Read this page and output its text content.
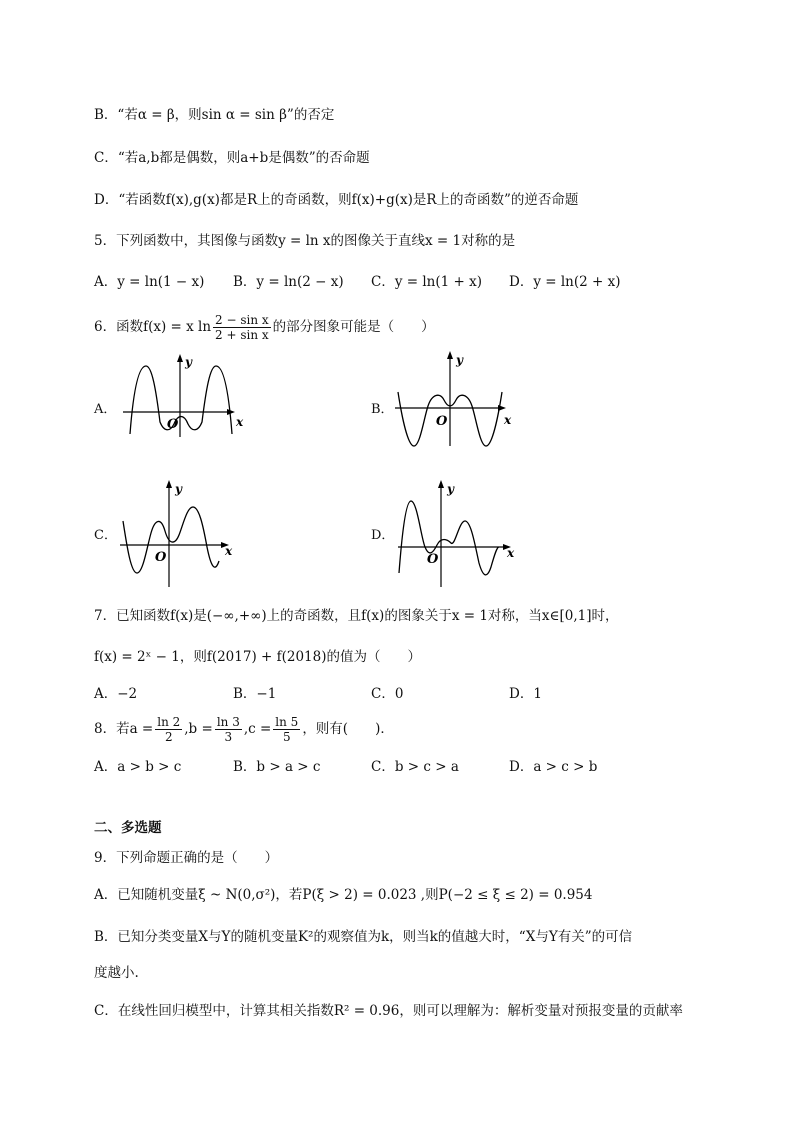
B．“若α = β，则sin α = sin β”的否定
C．“若a,b都是偶数，则a+b是偶数”的否命题
D．“若函数f(x),g(x)都是R上的奇函数，则f(x)+g(x)是R上的奇函数”的逆否命题
5．下列函数中，其图像与函数y = ln x的图像关于直线x = 1对称的是
A．y = ln(1 − x) B．y = ln(2 − x) C．y = ln(1 + x) D．y = ln(2 + x)
6．函数f(x) = x $\ln \frac{\text{2 − sin x}}{\text{2 + sin x}}$ 的部分图象可能是（　　）
A．
O	x
y
B．
O	x
y
C．
O	x
y
D．
O	x
y
7．已知函数f(x)是(−∞,+∞)上的奇函数，且f(x)的图象关于x = 1对称，当x∈[0,1]时，
f(x) = 2ˣ − 1，则f(2017) + f(2018)的值为（　　）
A．−2	B．−1	C．0	D．1
8．若$a = \frac{\ln 2}{2} ,b = \frac{\ln 3}{3} ,c = \frac{\ln 5}{5}$ ，则有(　　)．
A．a > b > c	B．b > a > c	C．b > c > a	D．a > c > b
二、多选题
9．下列命题正确的是（　　）
A．已知随机变量ξ ~ N(0,σ²)，若P(ξ > 2) = 0.023 ,则P(−2 ≤ ξ ≤ 2) = 0.954
B．已知分类变量X与Y的随机变量K²的观察值为k，则当k的值越大时，“X与Y有关”的可信
度越小.
C．在线性回归模型中，计算其相关指数R² = 0.96，则可以理解为：解析变量对预报变量的贡献率
